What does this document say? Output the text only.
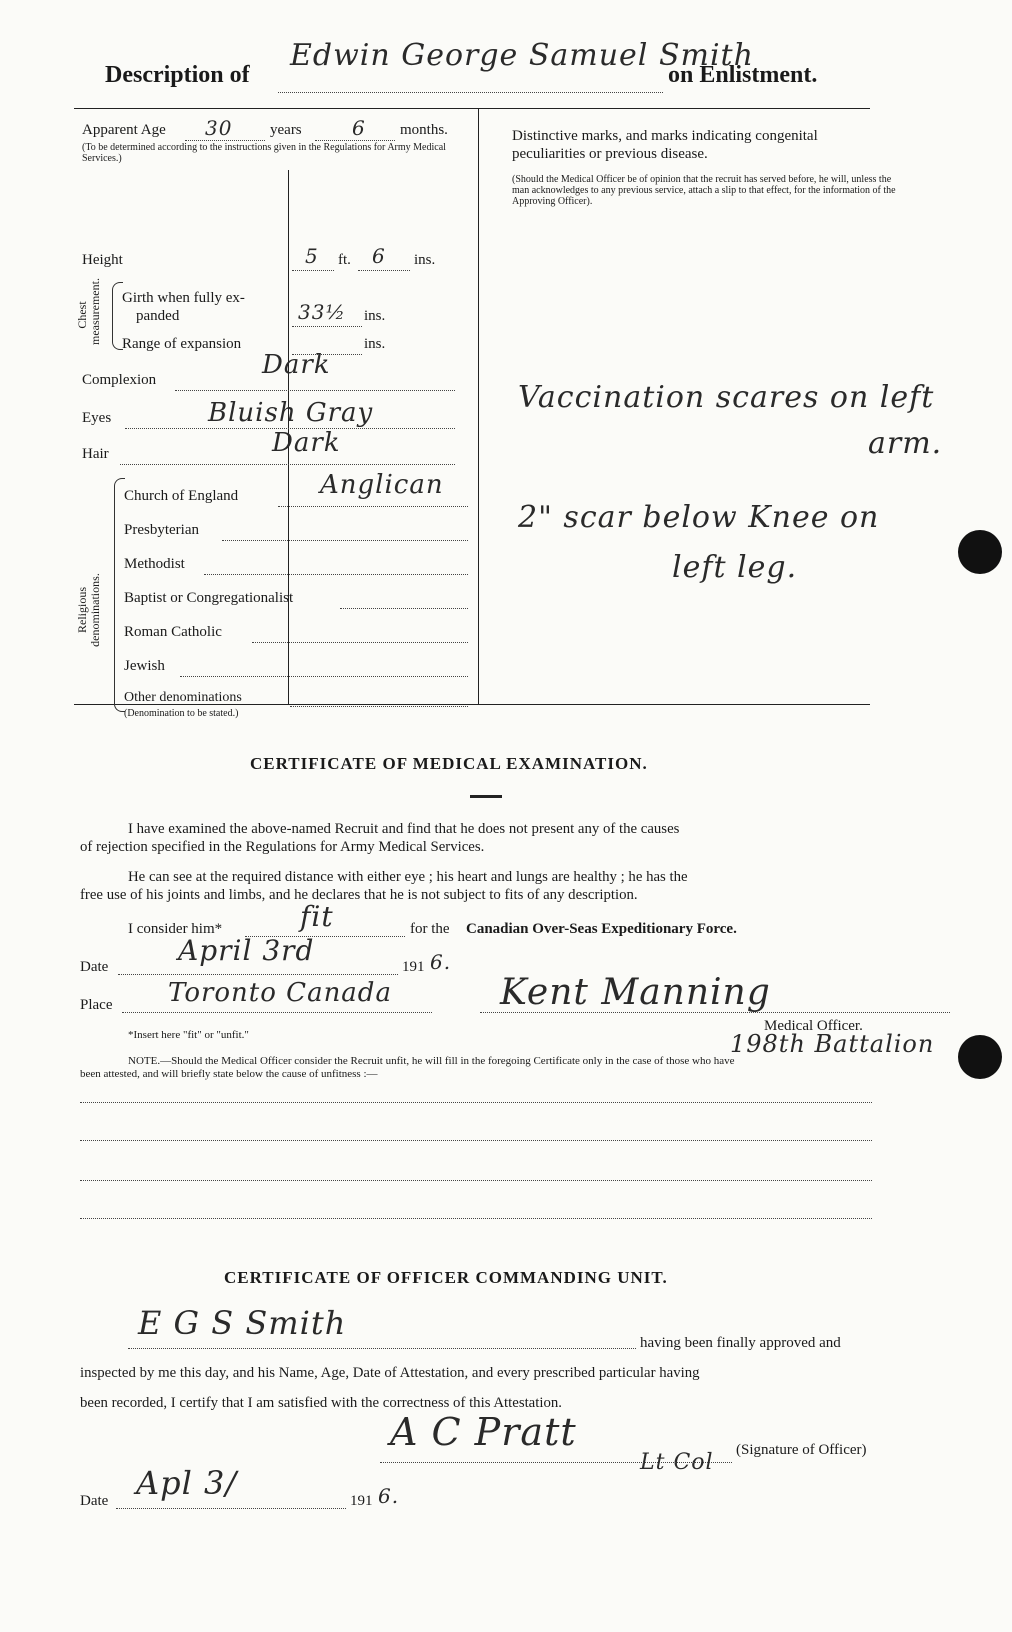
Description of
Edwin George Samuel Smith
on Enlistment.
Apparent Age 30	years	6 months.
(To be determined according to the instructions given in the Regulations for Army Medical Services.)
Height	5 ft. 6 ins.
Chest measurement. Girth when fully ex-
panded	33½ ins.
Range of expansion	ins.
Complexion	Dark
Eyes	Bluish Gray
Hair	Dark
Religious denominations.
Church of England	Anglican
Presbyterian
Methodist
Baptist or Congregationalist
Roman Catholic
Jewish
Other denominations
(Denomination to be stated.)
Distinctive marks, and marks indicating congenital
peculiarities or previous disease.
(Should the Medical Officer be of opinion that the recruit has served before, he will, unless the man acknowledges to any previous service, attach a slip to that effect, for the information of the Approving Officer).
Vaccination scares on left
arm.
2" scar below Knee on
left leg.
CERTIFICATE OF MEDICAL EXAMINATION.
I have examined the above-named Recruit and find that he does not present any of the causes
of rejection specified in the Regulations for Army Medical Services.
He can see at the required distance with either eye ; his heart and lungs are healthy ; he has the
free use of his joints and limbs, and he declares that he is not subject to fits of any description.
I consider him*	fit	for the Canadian Over-Seas Expeditionary Force.
Date April 3rd	191 6.
Place Toronto Canada	Kent Manning
*Insert here "fit" or "unfit."
Medical Officer.
198th Battalion
NOTE.—Should the Medical Officer consider the Recruit unfit, he will fill in the foregoing Certificate only in the case of those who have
been attested, and will briefly state below the cause of unfitness :—
CERTIFICATE OF OFFICER COMMANDING UNIT.
E G S Smith
having been finally approved and
inspected by me this day, and his Name, Age, Date of Attestation, and every prescribed particular having
been recorded, I certify that I am satisfied with the correctness of this Attestation.
A C Pratt
Lt Col (Signature of Officer)
Date Apl 3/	191 6.
